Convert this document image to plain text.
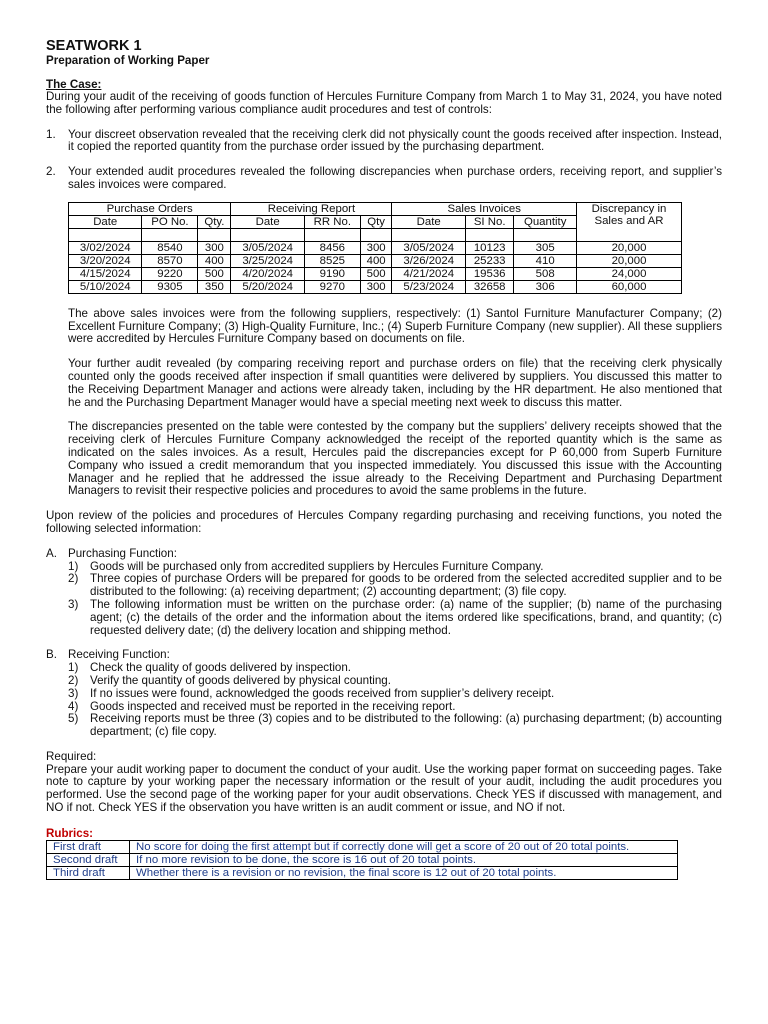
SEATWORK 1
Preparation of Working Paper
The Case:

During your audit of the receiving of goods function of Hercules Furniture Company from March 1 to May 31, 2024, you have noted the following after performing various compliance audit procedures and test of controls:

1.	Your discreet observation revealed that the receiving clerk did not physically count the goods received after inspection. Instead, it copied the reported quantity from the purchase order issued by the purchasing department.
2.	Your extended audit procedures revealed the following discrepancies when purchase orders, receiving report, and supplier’s sales invoices were compared.
Purchase Orders			Receiving Report			Sales Invoices			Discrepancy in Sales and AR
Date	PO No.	Qty.	Date	RR No.	Qty	Date	SI No.	Quantity	

3/02/2024	8540	300	3/05/2024	8456	300	3/05/2024	10123	305	20,000
3/20/2024	8570	400	3/25/2024	8525	400	3/26/2024	25233	410	20,000
4/15/2024	9220	500	4/20/2024	9190	500	4/21/2024	19536	508	24,000
5/10/2024	9305	350	5/20/2024	9270	300	5/23/2024	32658	306	60,000

The above sales invoices were from the following suppliers, respectively: (1) Santol Furniture Manufacturer Company; (2) Excellent Furniture Company; (3) High-Quality Furniture, Inc.; (4) Superb Furniture Company (new supplier). All these suppliers were accredited by Hercules Furniture Company based on documents on file.

Your further audit revealed (by comparing receiving report and purchase orders on file) that the receiving clerk physically counted only the goods received after inspection if small quantities were delivered by suppliers. You discussed this matter to the Receiving Department Manager and actions were already taken, including by the HR department. He also mentioned that he and the Purchasing Department Manager would have a special meeting next week to discuss this matter.

The discrepancies presented on the table were contested by the company but the suppliers’ delivery receipts showed that the receiving clerk of Hercules Furniture Company acknowledged the receipt of the reported quantity which is the same as indicated on the sales invoices. As a result, Hercules paid the discrepancies except for P 60,000 from Superb Furniture Company who issued a credit memorandum that you inspected immediately. You discussed this issue with the Accounting Manager and he replied that he addressed the issue already to the Receiving Department and Purchasing Department Managers to revisit their respective policies and procedures to avoid the same problems in the future.

Upon review of the policies and procedures of Hercules Company regarding purchasing and receiving functions, you noted the following selected information:

A. Purchasing Function:
1)	Goods will be purchased only from accredited suppliers by Hercules Furniture Company.
2)	Three copies of purchase Orders will be prepared for goods to be ordered from the selected accredited supplier and to be distributed to the following: (a) receiving department; (2) accounting department; (3) file copy.
3)	The following information must be written on the purchase order: (a) name of the supplier; (b) name of the purchasing agent; (c) the details of the order and the information about the items ordered like specifications, brand, and quantity; (c) requested delivery date; (d) the delivery location and shipping method.
B. Receiving Function:
1)	Check the quality of goods delivered by inspection.
2)	Verify the quantity of goods delivered by physical counting.
3)	If no issues were found, acknowledged the goods received from supplier’s delivery receipt.
4)	Goods inspected and received must be reported in the receiving report.
5)	Receiving reports must be three (3) copies and to be distributed to the following: (a) purchasing department; (b) accounting department; (c) file copy.
Required:

Prepare your audit working paper to document the conduct of your audit. Use the working paper format on succeeding pages. Take note to capture by your working paper the necessary information or the result of your audit, including the audit procedures you performed. Use the second page of the working paper for your audit observations. Check YES if discussed with management, and NO if not. Check YES if the observation you have written is an audit comment or issue, and NO if not.

Rubrics:
First draft	No score for doing the first attempt but if correctly done will get a score of 20 out of 20 total points.
Second draft	If no more revision to be done, the score is 16 out of 20 total points.
Third draft	Whether there is a revision or no revision, the final score is 12 out of 20 total points.
